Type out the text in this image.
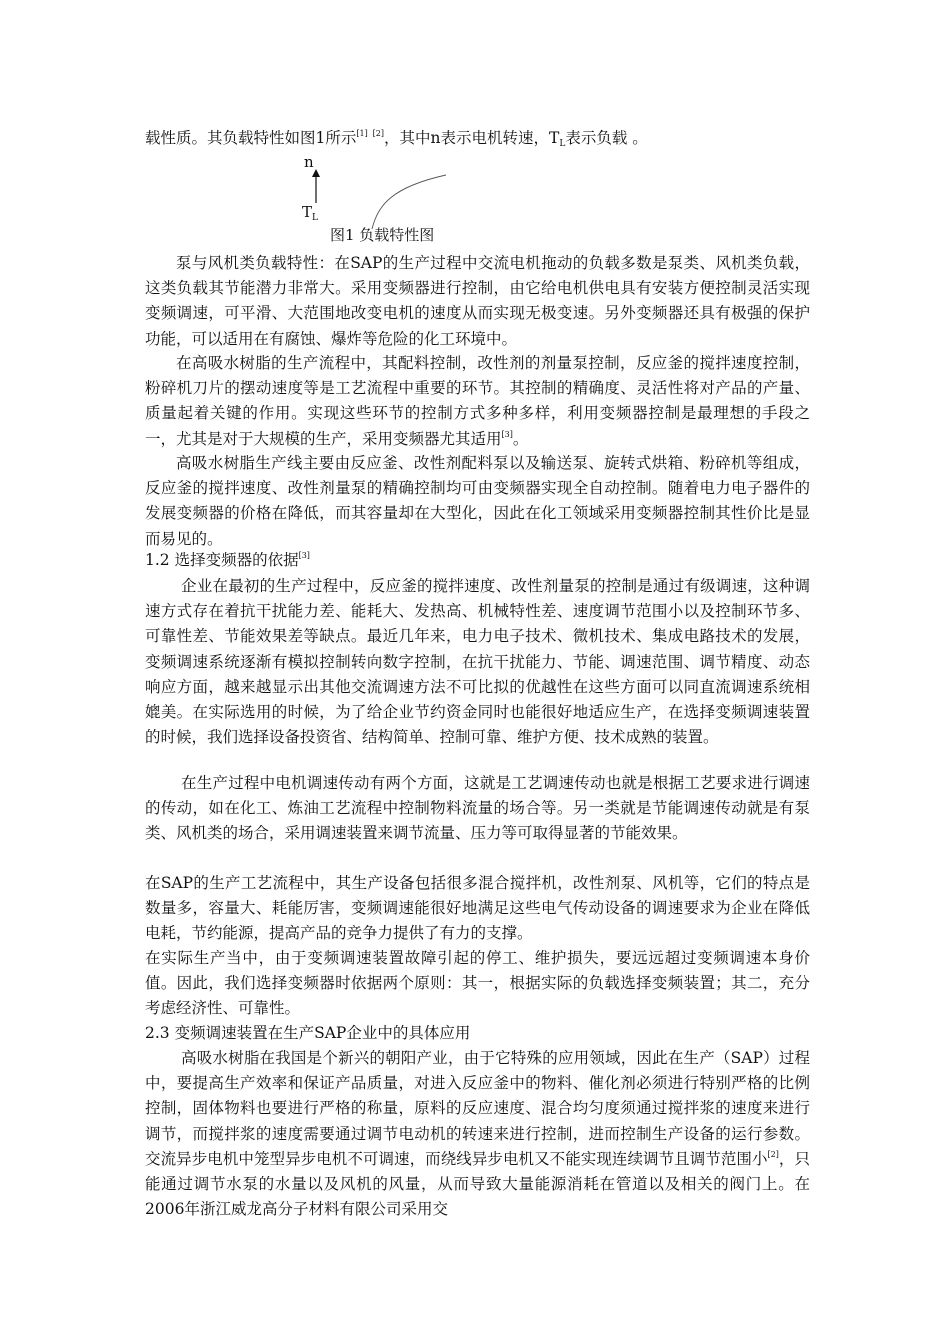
载性质。其负载特性如图1所示[1] [2]，其中n表示电机转速，$T_L$表示负载 。
n
$T_L$
图1 负载特性图
泵与风机类负载特性：在SAP的生产过程中交流电机拖动的负载多数是泵类、风机类负载，这类负载其节能潜力非常大。采用变频器进行控制，由它给电机供电具有安装方便控制灵活实现变频调速，可平滑、大范围地改变电机的速度从而实现无极变速。另外变频器还具有极强的保护功能，可以适用在有腐蚀、爆炸等危险的化工环境中。
在高吸水树脂的生产流程中，其配料控制，改性剂的剂量泵控制，反应釜的搅拌速度控制，粉碎机刀片的摆动速度等是工艺流程中重要的环节。其控制的精确度、灵活性将对产品的产量、质量起着关键的作用。实现这些环节的控制方式多种多样，利用变频器控制是最理想的手段之一，尤其是对于大规模的生产，采用变频器尤其适用[3]。
高吸水树脂生产线主要由反应釜、改性剂配料泵以及输送泵、旋转式烘箱、粉碎机等组成，反应釜的搅拌速度、改性剂量泵的精确控制均可由变频器实现全自动控制。随着电力电子器件的发展变频器的价格在降低，而其容量却在大型化，因此在化工领域采用变频器控制其性价比是显而易见的。
1.2 选择变频器的依据[3]
企业在最初的生产过程中，反应釜的搅拌速度、改性剂量泵的控制是通过有级调速，这种调速方式存在着抗干扰能力差、能耗大、发热高、机械特性差、速度调节范围小以及控制环节多、可靠性差、节能效果差等缺点。最近几年来，电力电子技术、微机技术、集成电路技术的发展，变频调速系统逐渐有模拟控制转向数字控制，在抗干扰能力、节能、调速范围、调节精度、动态响应方面，越来越显示出其他交流调速方法不可比拟的优越性在这些方面可以同直流调速系统相媲美。在实际选用的时候，为了给企业节约资金同时也能很好地适应生产，在选择变频调速装置的时候，我们选择设备投资省、结构简单、控制可靠、维护方便、技术成熟的装置。
在生产过程中电机调速传动有两个方面，这就是工艺调速传动也就是根据工艺要求进行调速的传动，如在化工、炼油工艺流程中控制物料流量的场合等。另一类就是节能调速传动就是有泵类、风机类的场合，采用调速装置来调节流量、压力等可取得显著的节能效果。
在SAP的生产工艺流程中，其生产设备包括很多混合搅拌机，改性剂泵、风机等，它们的特点是数量多，容量大、耗能厉害，变频调速能很好地满足这些电气传动设备的调速要求为企业在降低电耗，节约能源，提高产品的竞争力提供了有力的支撑。
在实际生产当中，由于变频调速装置故障引起的停工、维护损失，要远远超过变频调速本身价值。因此，我们选择变频器时依据两个原则：其一，根据实际的负载选择变频装置；其二，充分考虑经济性、可靠性。
2.3 变频调速装置在生产SAP企业中的具体应用
高吸水树脂在我国是个新兴的朝阳产业，由于它特殊的应用领域，因此在生产（SAP）过程中，要提高生产效率和保证产品质量，对进入反应釜中的物料、催化剂必须进行特别严格的比例控制，固体物料也要进行严格的称量，原料的反应速度、混合均匀度须通过搅拌浆的速度来进行调节，而搅拌浆的速度需要通过调节电动机的转速来进行控制，进而控制生产设备的运行参数。交流异步电机中笼型异步电机不可调速，而绕线异步电机又不能实现连续调节且调节范围小[2]，只能通过调节水泵的水量以及风机的风量，从而导致大量能源消耗在管道以及相关的阀门上。在2006年浙江威龙高分子材料有限公司采用交
